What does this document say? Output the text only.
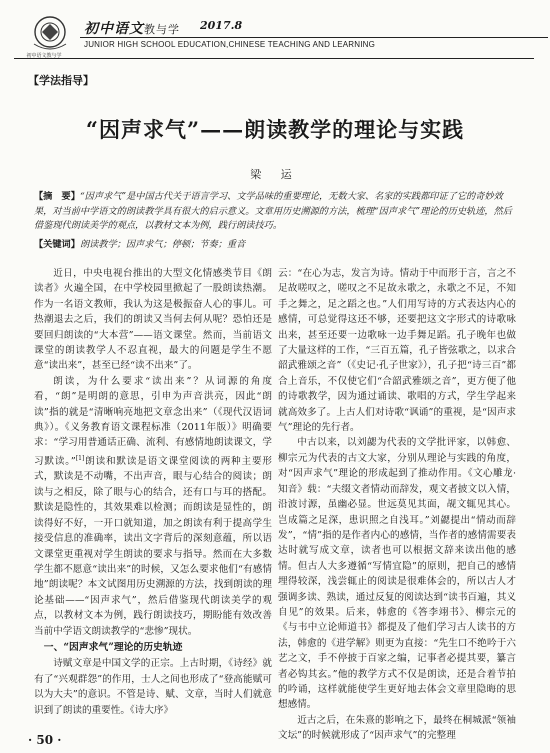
初中语文教与学
初中语文教与学 2017.8
JUNIOR HIGH SCHOOL EDUCATION,CHINESE TEACHING AND LEARNING
【学法指导】
“因声求气”——朗读教学的理论与实践
梁 运

【摘　要】“因声求气”是中国古代关于语言学习、文学品味的重要理论，无数大家、名家的实践都印证了它的奇妙效果，对当前中学语文的朗读教学具有很大的启示意义。文章用历史溯源的方法，梳理“因声求气”理论的历史轨迹，然后借鉴现代朗读美学的观点，以教材文本为例，践行朗读技巧。

【关键词】朗读教学；因声求气；停顿；节奏；重音

近日，中央电视台推出的大型文化情感类节目《朗读者》火遍全国，在中学校园里掀起了一股朗读热潮。作为一名语文教师，我认为这是极振奋人心的事儿。可热潮退去之后，我们的朗读又当何去何从呢？恐怕还是要回归朗读的“大本营”——语文课堂。然而，当前语文课堂的朗读教学人不忍直视，最大的问题是学生不愿意“读出来”，甚至已经“读不出来”了。

朗读，为什么要求“读出来”？从词源的角度看，“朗”是明朗的意思，引申为声音洪亮，因此“朗读”指的就是“清晰响亮地把文章念出来”（《现代汉语词典》）。《义务教育语文课程标准（2011年版）》明确要求：“学习用普通话正确、流利、有感情地朗读课文，学习默读。”[1]朗读和默读是语文课堂阅读的两种主要形式，默读是不动嘴，不出声音，眼与心结合的阅读；朗读与之相反，除了眼与心的结合，还有口与耳的搭配。默读是隐性的，其效果难以检测；而朗读是显性的，朗读得好不好，一开口就知道，加之朗读有利于提高学生接受信息的准确率，读出文字背后的深刻意蕴，所以语文课堂更重视对学生朗读的要求与指导。然而在大多数学生都不愿意“读出来”的时候，又怎么要求他们“有感情地”朗读呢？本文试图用历史溯源的方法，找到朗读的理论基础——“因声求气”，然后借鉴现代朗读美学的观点，以教材文本为例，践行朗读技巧，期盼能有效改善当前中学语文朗读教学的“悲惨”现状。

一、“因声求气”理论的历史轨迹

诗赋文章是中国文学的正宗。上古时期，《诗经》就有了“兴观群怨”的作用，士人之间也形成了“登高能赋可以为大夫”的意识。不管是诗、赋、文章，当时人们就意识到了朗读的重要性。《诗大序》

云：“在心为志，发言为诗。情动于中而形于言，言之不足故嗟叹之，嗟叹之不足故永歌之，永歌之不足，不知手之舞之，足之蹈之也。”人们用写诗的方式表达内心的感情，可总觉得这还不够，还要把这文字形式的诗歌咏出来，甚至还要一边歌咏一边手舞足蹈。孔子晚年也做了大量这样的工作，“三百五篇，孔子皆弦歌之，以求合韶武雅颂之音”（《史记·孔子世家》），孔子把“诗三百”都合上音乐，不仅使它们“合韶武雅颂之音”，更方便了他的诗歌教学，因为通过诵读、歌唱的方式，学生学起来就高效多了。上古人们对诗歌“讽诵”的重视，是“因声求气”理论的先行者。

中古以来，以刘勰为代表的文学批评家，以韩愈、柳宗元为代表的古文大家，分别从理论与实践的角度，对“因声求气”理论的形成起到了推动作用。《文心雕龙·知音》载：“夫缀文者情动而辞发，观文者披文以入情，沿波讨源，虽幽必显。世远莫见其面，觇文辄见其心。岂成篇之足深，患识照之自浅耳。”刘勰提出“情动而辞发”，“情”指的是作者内心的感情，当作者的感情需要表达时就写成文章，读者也可以根据文辞来读出他的感情。但古人大多遵循“写情宜隐”的原则，把自己的感情埋得较深，浅尝辄止的阅读是很难体会的，所以古人才强调多读、熟读，通过反复的阅读达到“读书百遍，其义自见”的效果。后来，韩愈的《答李翊书》、柳宗元的《与韦中立论师道书》都提及了他们学习古人读书的方法，韩愈的《进学解》则更为直接：“先生口不绝吟于六艺之文，手不停披于百家之编，记事者必提其要，纂言者必钩其玄。”他的教学方式不仅是朗读，还是合着节拍的吟诵，这样就能使学生更好地去体会文章里隐晦的思想感情。

近古之后，在朱熹的影响之下，最终在桐城派“领袖文坛”的时候就形成了“因声求气”的完整理

· 50 ·
